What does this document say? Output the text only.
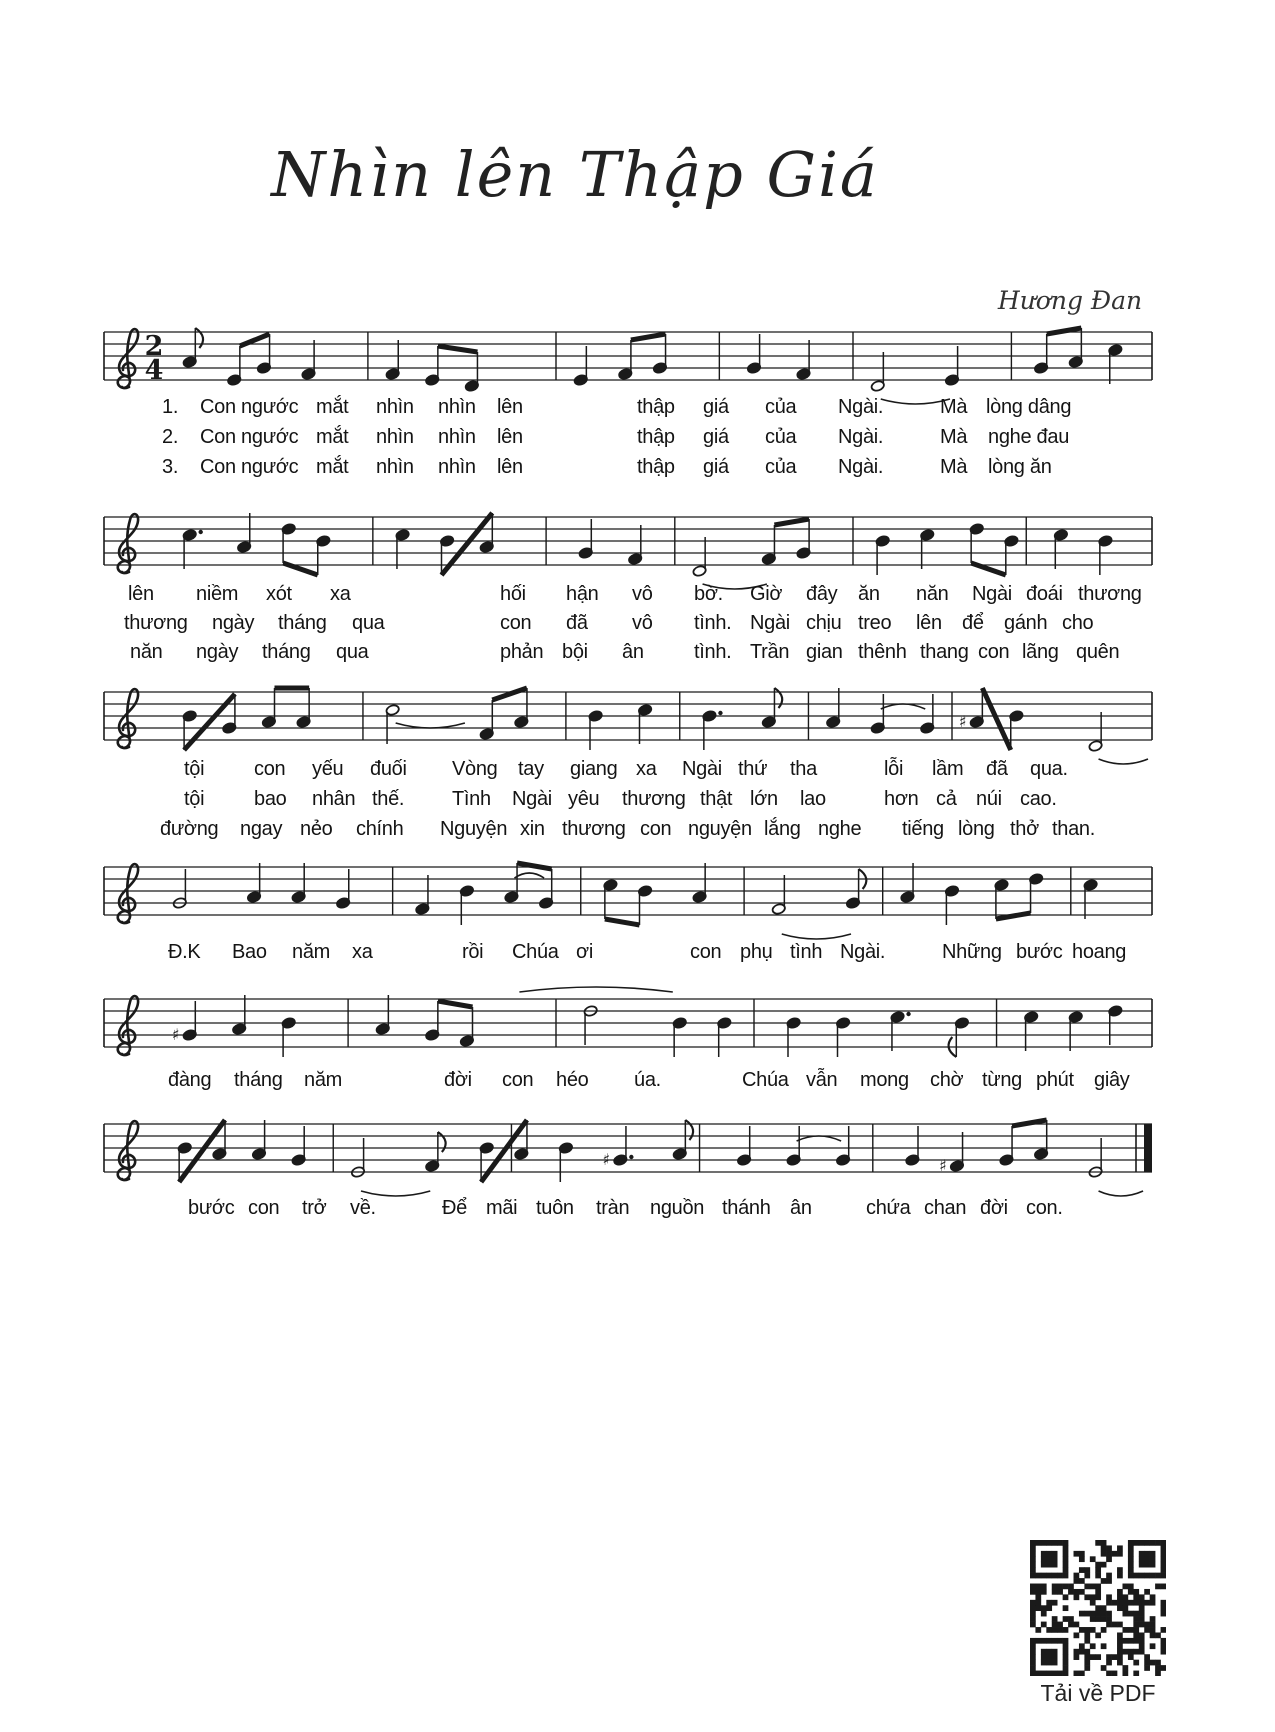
Nhìn lên Thập Giá
Hương Đan
2
4
♯
♯
♯	♯
1. Con ngước mắt nhìn nhìn lên	thập giá của Ngài.	Mà lòng dâng
2. Con ngước mắt nhìn nhìn lên	thập giá của Ngài.	Mà nghe đau
3. Con ngước mắt nhìn nhìn lên	thập giá của Ngài.	Mà lòng ăn
lên niềm xót xa	hối hận vô bờ. Giờ đây ăn năn Ngài đoái thương
thương ngày tháng qua	con đã vô tình. Ngài chịu treo lên để gánh cho
năn ngày tháng qua	phản bội ân	tình. Trần gian thênh thang con lãng quên
tội con yếu đuối Vòng tay giang xa Ngài thứ tha	lỗi lầm đã qua.
tội bao nhân thế. Tình Ngài yêu thương thật lớn lao	hơn cả núi cao.
đường ngay nẻo chính Nguyện xin thương con nguyện lắng nghe tiếng lòng thở than.
Đ.K Bao năm xa	rồi Chúa ơi	con phụ tình Ngài.	Những bước hoang
đàng tháng năm	đời con héo úa.	Chúa vẫn mong chờ từng phút giây
bước con trở về.	Để mãi tuôn tràn nguồn thánh ân	chứa chan đời con.
Tải về PDF
